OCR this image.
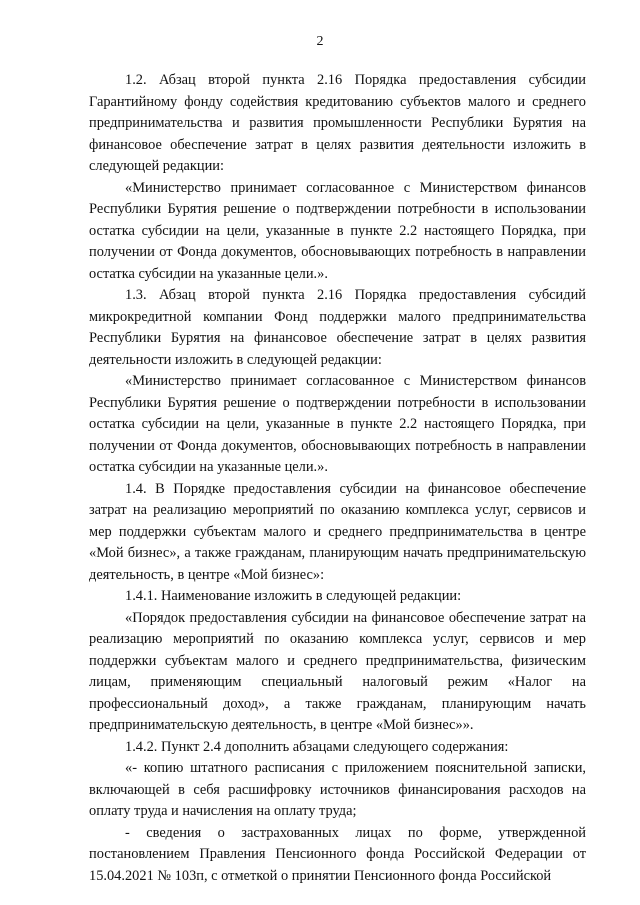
2

1.2. Абзац второй пункта 2.16 Порядка предоставления субсидии Гарантийному фонду содействия кредитованию субъектов малого и среднего предпринимательства и развития промышленности Республики Бурятия на финансовое обеспечение затрат в целях развития деятельности изложить в следующей редакции:

«Министерство принимает согласованное с Министерством финансов Республики Бурятия решение о подтверждении потребности в использовании остатка субсидии на цели, указанные в пункте 2.2 настоящего Порядка, при получении от Фонда документов, обосновывающих потребность в направлении остатка субсидии на указанные цели.».

1.3. Абзац второй пункта 2.16 Порядка предоставления субсидий микрокредитной компании Фонд поддержки малого предпринимательства Республики Бурятия на финансовое обеспечение затрат в целях развития деятельности изложить в следующей редакции:

«Министерство принимает согласованное с Министерством финансов Республики Бурятия решение о подтверждении потребности в использовании остатка субсидии на цели, указанные в пункте 2.2 настоящего Порядка, при получении от Фонда документов, обосновывающих потребность в направлении остатка субсидии на указанные цели.».

1.4. В Порядке предоставления субсидии на финансовое обеспечение затрат на реализацию мероприятий по оказанию комплекса услуг, сервисов и мер поддержки субъектам малого и среднего предпринимательства в центре «Мой бизнес», а также гражданам, планирующим начать предпринимательскую деятельность, в центре «Мой бизнес»:

1.4.1. Наименование изложить в следующей редакции:

«Порядок предоставления субсидии на финансовое обеспечение затрат на реализацию мероприятий по оказанию комплекса услуг, сервисов и мер поддержки субъектам малого и среднего предпринимательства, физическим лицам, применяющим специальный налоговый режим «Налог на профессиональный доход», а также гражданам, планирующим начать предпринимательскую деятельность, в центре «Мой бизнес»».

1.4.2. Пункт 2.4 дополнить абзацами следующего содержания:

«- копию штатного расписания с приложением пояснительной записки, включающей в себя расшифровку источников финансирования расходов на оплату труда и начисления на оплату труда;

- сведения о застрахованных лицах по форме, утвержденной постановлением Правления Пенсионного фонда Российской Федерации от 15.04.2021 № 103п, с отметкой о принятии Пенсионного фонда Российской
